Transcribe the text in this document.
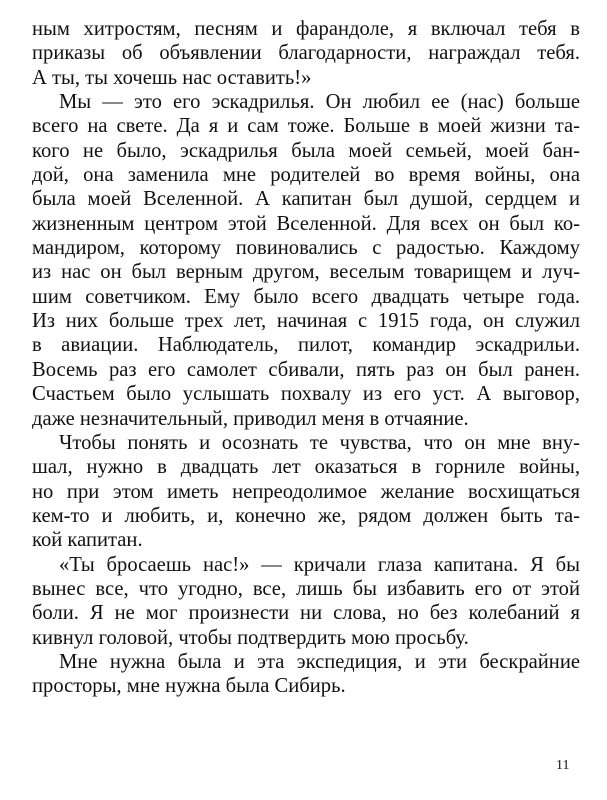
ным хитростям, песням и фарандоле, я включал тебя в
приказы об объявлении благодарности, награждал тебя.
А ты, ты хочешь нас оставить!»
Мы — это его эскадрилья. Он любил ее (нас) больше
всего на свете. Да я и сам тоже. Больше в моей жизни та-
кого не было, эскадрилья была моей семьей, моей бан-
дой, она заменила мне родителей во время войны, она
была моей Вселенной. А капитан был душой, сердцем и
жизненным центром этой Вселенной. Для всех он был ко-
мандиром, которому повиновались с радостью. Каждому
из нас он был верным другом, веселым товарищем и луч-
шим советчиком. Ему было всего двадцать четыре года.
Из них больше трех лет, начиная с 1915 года, он служил
в авиации. Наблюдатель, пилот, командир эскадрильи.
Восемь раз его самолет сбивали, пять раз он был ранен.
Счастьем было услышать похвалу из его уст. А выговор,
даже незначительный, приводил меня в отчаяние.
Чтобы понять и осознать те чувства, что он мне вну-
шал, нужно в двадцать лет оказаться в горниле войны,
но при этом иметь непреодолимое желание восхищаться
кем-то и любить, и, конечно же, рядом должен быть та-
кой капитан.
«Ты бросаешь нас!» — кричали глаза капитана. Я бы
вынес все, что угодно, все, лишь бы избавить его от этой
боли. Я не мог произнести ни слова, но без колебаний я
кивнул головой, чтобы подтвердить мою просьбу.
Мне нужна была и эта экспедиция, и эти бескрайние
просторы, мне нужна была Сибирь.
11
